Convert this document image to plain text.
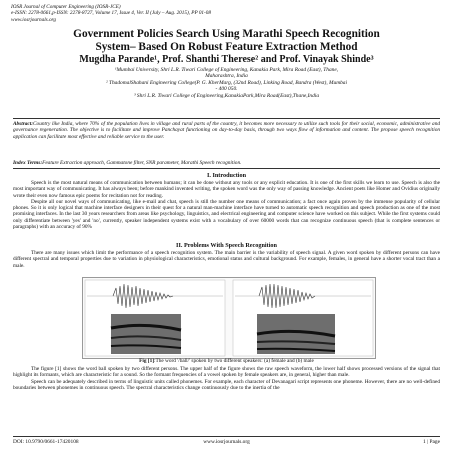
IOSR Journal of Computer Engineering (IOSR-JCE)
e-ISSN: 2278-0661,p-ISSN: 2278-8727, Volume 17, Issue 4, Ver. II (July – Aug. 2015), PP 01-08
www.iosrjournals.org
Government Policies Search Using Marathi Speech Recognition
System– Based On Robust Feature Extraction Method
Mugdha Parande¹, Prof. Shanthi Therese² and Prof. Vinayak Shinde³
¹Mumbai University, Shri L.R. Tiwari College of Engineering, Kanakia Park, Mira Road (East), Thane,
Maharashtra, India
² ThadomalShahani Engineering College(P. G. KherMarg, (32nd Road), Linking Road, Bandra (West), Mumbai
- 400 050.
³ Shri L.R. Tiwari College of Engineering,KanakiaPark,Mira Road(East),Thane,India
Abstract:Country like India, where 70% of the population lives in village and rural parts of the country, it becomes more necessary to utilize such tools for their social, economic, administrative and governance regeneration. The objective is to facilitate and improve Panchayat functioning on day-to-day basis, through two ways flow of information and content. The propose speech recognition application can facilitate most effective and reliable service to the user.
Index Terms:Feature Extraction approach, Gammatone filter, SNR parameter, Marathi Speech recognition.
I. Introduction

Speech is the most natural means of communication between humans; it can be done without any tools or any explicit education. It is one of the first skills we learn to use. Speech is also the most important way of communicating. It has always been; before mankind invented writing, the spoken word was the only way of passing knowledge. Ancient poets like Homer and Ovidius originally wrote their even now famous epic poems for recitation not for reading.

Despite all our novel ways of communicating, like e-mail and chat, speech is still the number one means of communication; a fact once again proven by the immense popularity of cellular phones. So it is only logical that machine interface designers in their quest for a natural man-machine interface have turned to automatic speech recognition and speech production as one of the most promising interfaces. In the last 30 years researchers from areas like psychology, linguistics, and electrical engineering and computer science have worked on this subject. While the first systems could only differentiate between 'yes' and 'no', currently, speaker independent systems exist with a vocabulary of over 60000 words that can recognize continuous speech (that is complete sentences or paragraphs) with an accuracy of 90%

II. Problems With Speech Recognition

There are many issues which limit the performance of a speech recognition system. The main barrier is the variability of speech signal. A given word spoken by different persons can have different spectral and temporal properties due to variation in physiological characteristics, emotional status and cultural background. For example, females, in general have a shorter vocal tract than a male.

Fig [1]:The word '/ball/' spoken by two different speakers: (a) female and (b) male

The figure [1] shows the word ball spoken by two different persons. The upper half of the figure shows the raw speech waveform, the lower half shows processed versions of the signal that highlight its formants, which are characteristic for a sound. So the formant frequencies of a vowel spoken by female speakers are, in general, higher than male.

Speech can be adequately described in terms of linguistic units called phonemes. For example, each character of Devanagari script represents one phoneme. However, there are no well-defined boundaries between phonemes in continuous speech. The spectral characteristics change continuously due to the inertia of the

DOI: 10.9790/0661-17420108	www.iosrjournals.org	1 | Page
